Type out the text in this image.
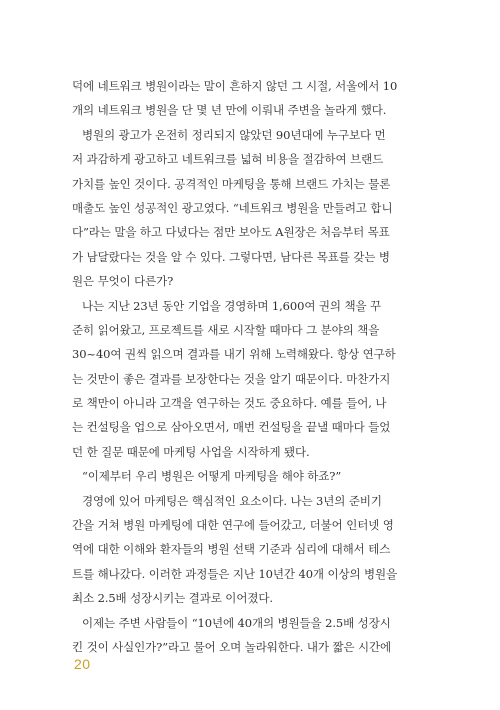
덕에 네트워크 병원이라는 말이 흔하지 않던 그 시절, 서울에서 10
개의 네트워크 병원을 단 몇 년 만에 이뤄내 주변을 놀라게 했다.
병원의 광고가 온전히 정리되지 않았던 90년대에 누구보다 먼
저 과감하게 광고하고 네트워크를 넓혀 비용을 절감하여 브랜드
가치를 높인 것이다. 공격적인 마케팅을 통해 브랜드 가치는 물론
매출도 높인 성공적인 광고였다. “네트워크 병원을 만들려고 합니
다”라는 말을 하고 다녔다는 점만 보아도 A원장은 처음부터 목표
가 남달랐다는 것을 알 수 있다. 그렇다면, 남다른 목표를 갖는 병
원은 무엇이 다른가?
나는 지난 23년 동안 기업을 경영하며 1,600여 권의 책을 꾸
준히 읽어왔고, 프로젝트를 새로 시작할 때마다 그 분야의 책을
30~40여 권씩 읽으며 결과를 내기 위해 노력해왔다. 항상 연구하
는 것만이 좋은 결과를 보장한다는 것을 알기 때문이다. 마찬가지
로 책만이 아니라 고객을 연구하는 것도 중요하다. 예를 들어, 나
는 컨설팅을 업으로 삼아오면서, 매번 컨설팅을 끝낼 때마다 들었
던 한 질문 때문에 마케팅 사업을 시작하게 됐다.
“이제부터 우리 병원은 어떻게 마케팅을 해야 하죠?”
경영에 있어 마케팅은 핵심적인 요소이다. 나는 3년의 준비기
간을 거쳐 병원 마케팅에 대한 연구에 들어갔고, 더불어 인터넷 영
역에 대한 이해와 환자들의 병원 선택 기준과 심리에 대해서 테스
트를 해나갔다. 이러한 과정들은 지난 10년간 40개 이상의 병원을
최소 2.5배 성장시키는 결과로 이어졌다.
이제는 주변 사람들이 “10년에 40개의 병원들을 2.5배 성장시
킨 것이 사실인가?”라고 물어 오며 놀라워한다. 내가 짧은 시간에
20
